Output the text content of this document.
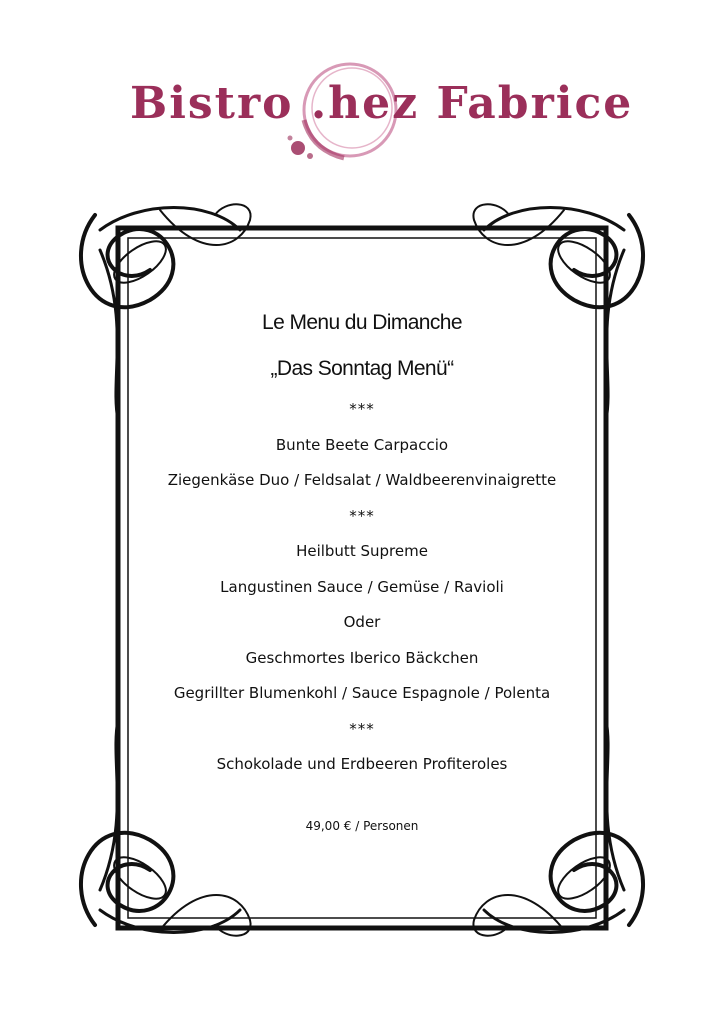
Bistro .hez Fabrice
Le Menu du Dimanche
„Das Sonntag Menü“
***
Bunte Beete Carpaccio
Ziegenkäse Duo / Feldsalat / Waldbeerenvinaigrette
***
Heilbutt Supreme
Langustinen Sauce / Gemüse / Ravioli
Oder
Geschmortes Iberico Bäckchen
Gegrillter Blumenkohl / Sauce Espagnole / Polenta
***
Schokolade und Erdbeeren Profiteroles
49,00 € / Personen
